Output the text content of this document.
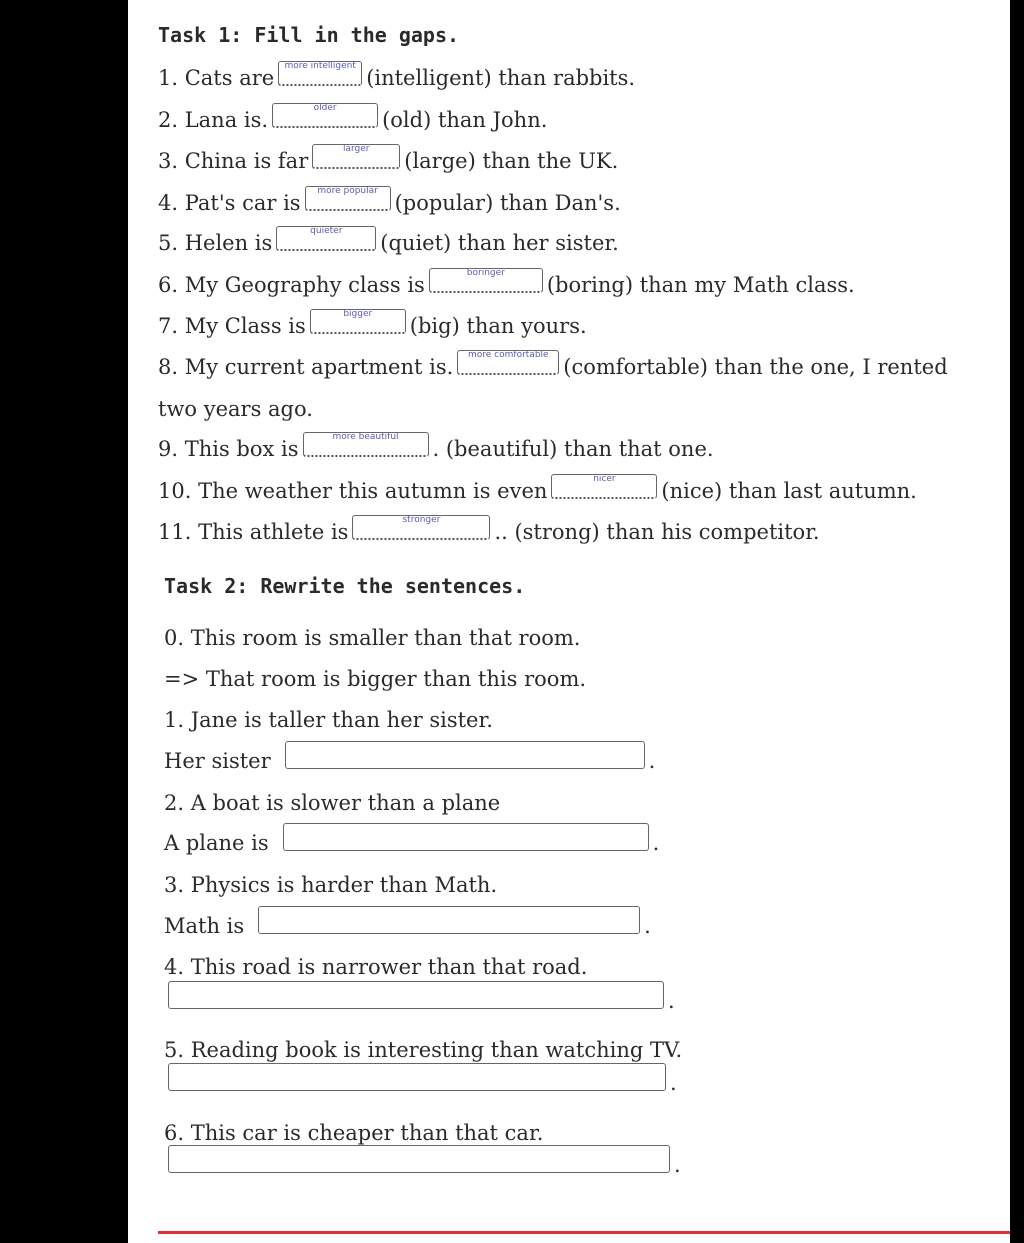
Task 1: Fill in the gaps.
1. Cats are	more intelligent (intelligent) than rabbits.
2. Lana is.	older	(old) than John.
3. China is far	larger	(large) than the UK.
4. Pat's car is	more popular (popular) than Dan's.
5. Helen is	quieter	(quiet) than her sister.
6. My Geography class is	boringer	(boring) than my Math class.
7. My Class is	bigger	(big) than yours.
8. My current apartment is.	more comfortable (comfortable) than the one, I rented
two years ago.
9. This box is	more beautiful	. (beautiful) than that one.
10. The weather this autumn is even	nicer	(nice) than last autumn.
11. This athlete is	stronger	.. (strong) than his competitor.
Task 2: Rewrite the sentences.
0. This room is smaller than that room.
=> That room is bigger than this room.
1. Jane is taller than her sister.
Her sister	.
2. A boat is slower than a plane
A plane is	.
3. Physics is harder than Math.
Math is	.
4. This road is narrower than that road.
.
5. Reading book is interesting than watching TV.
.
6. This car is cheaper than that car.
.
